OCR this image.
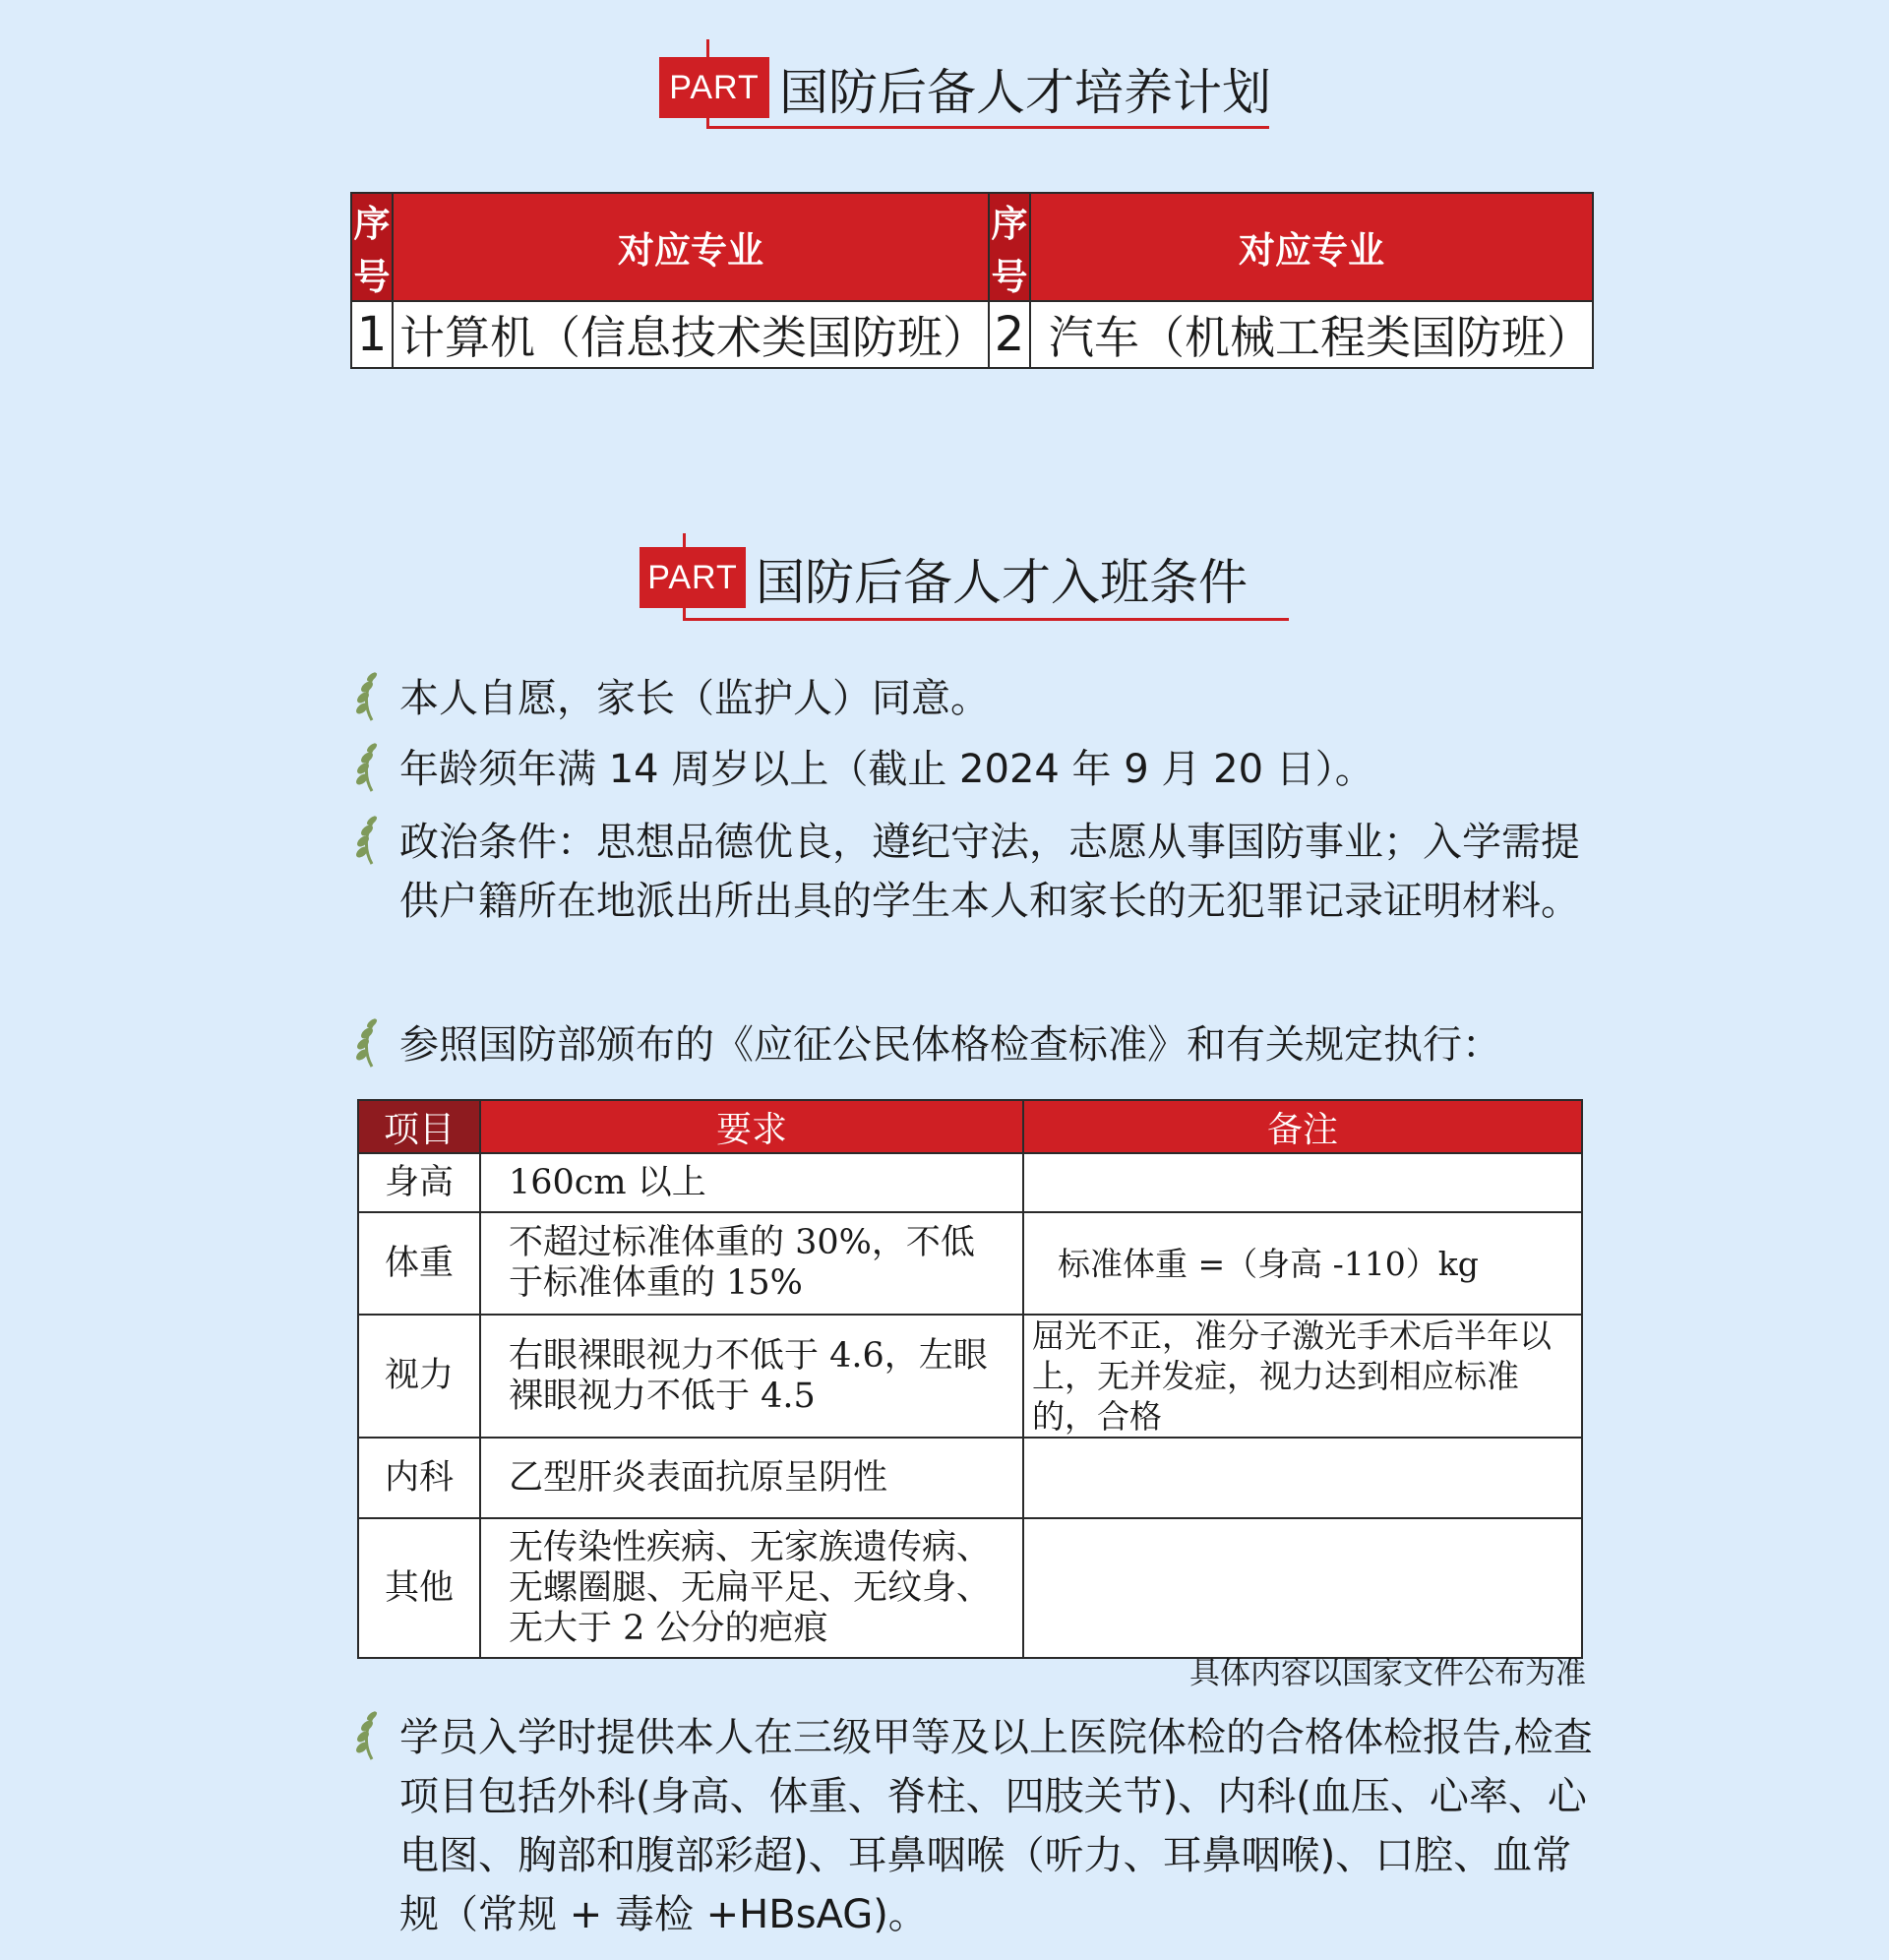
PART 国防后备人才培养计划
序号	对应专业	序号	对应专业
1	计算机（信息技术类国防班）	2	汽车（机械工程类国防班）
PART 国防后备人才入班条件
本人自愿，家长（监护人）同意。
年龄须年满 14 周岁以上（截止 2024 年 9 月 20 日）。
政治条件：思想品德优良，遵纪守法，志愿从事国防事业；入学需提供户籍所在地派出所出具的学生本人和家长的无犯罪记录证明材料。
参照国防部颁布的《应征公民体格检查标准》和有关规定执行：
项目	要求	备注
身高	160cm 以上	
体重	不超过标准体重的 30%，不低于标准体重的 15%	标准体重 =（身高 -110）kg
视力	右眼裸眼视力不低于 4.6，左眼裸眼视力不低于 4.5	屈光不正，准分子激光手术后半年以上，无并发症，视力达到相应标准的，合格
内科	乙型肝炎表面抗原呈阴性	
其他	无传染性疾病、无家族遗传病、无螺圈腿、无扁平足、无纹身、无大于 2 公分的疤痕	
具体内容以国家文件公布为准
学员入学时提供本人在三级甲等及以上医院体检的合格体检报告,检查项目包括外科(身高、体重、脊柱、四肢关节)、内科(血压、心率、心电图、胸部和腹部彩超)、耳鼻咽喉（听力、耳鼻咽喉)、口腔、血常规（常规 + 毒检 +HBsAG)。
